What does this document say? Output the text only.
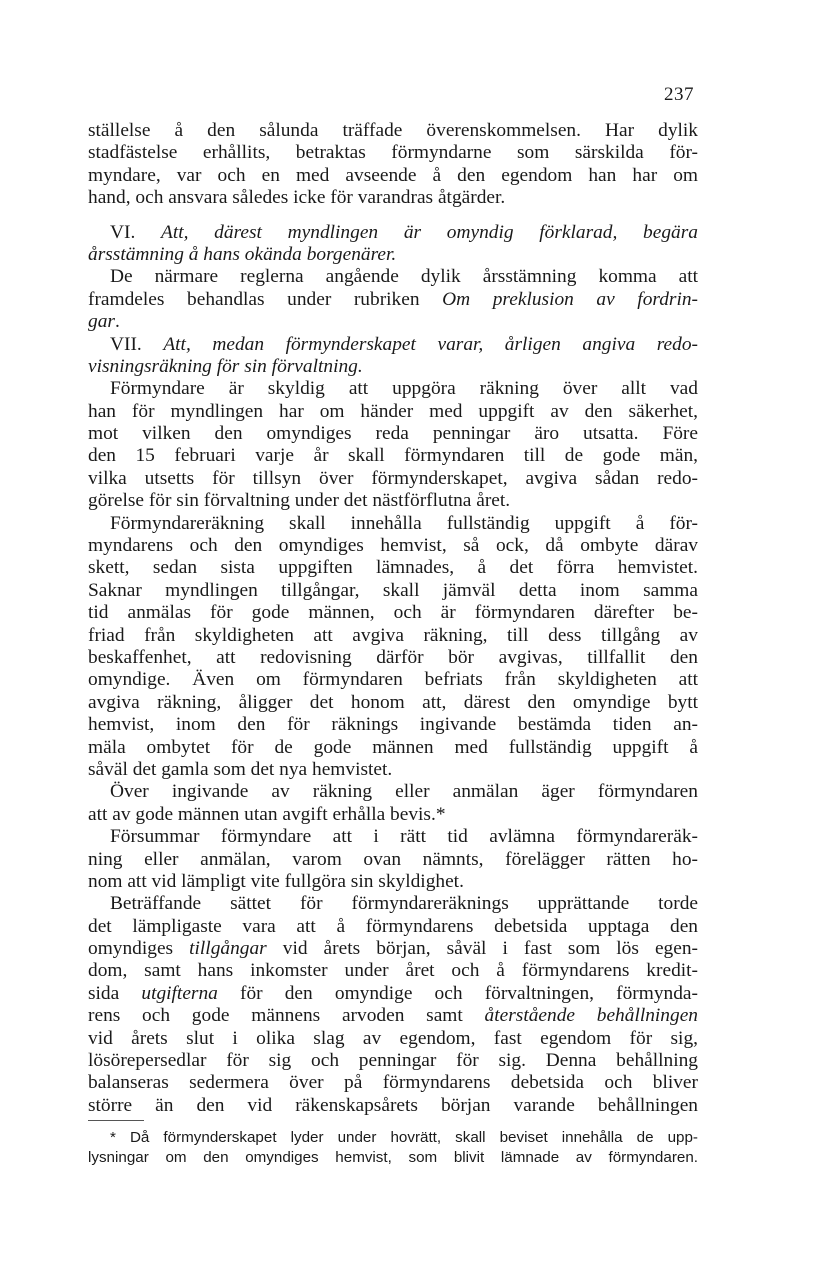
237
ställelse å den sålunda träffade överenskommelsen. Har dylik
stadfästelse erhållits, betraktas förmyndarne som särskilda för-
myndare, var och en med avseende å den egendom han har om
hand, och ansvara således icke för varandras åtgärder.
VI. Att, därest myndlingen är omyndig förklarad, begära
årsstämning å hans okända borgenärer.
De närmare reglerna angående dylik årsstämning komma att
framdeles behandlas under rubriken Om preklusion av fordrin-
gar.
VII. Att, medan förmynderskapet varar, årligen angiva redo-
visningsräkning för sin förvaltning.
Förmyndare är skyldig att uppgöra räkning över allt vad
han för myndlingen har om händer med uppgift av den säkerhet,
mot vilken den omyndiges reda penningar äro utsatta. Före
den 15 februari varje år skall förmyndaren till de gode män,
vilka utsetts för tillsyn över förmynderskapet, avgiva sådan redo-
görelse för sin förvaltning under det nästförflutna året.
Förmyndareräkning skall innehålla fullständig uppgift å för-
myndarens och den omyndiges hemvist, så ock, då ombyte därav
skett, sedan sista uppgiften lämnades, å det förra hemvistet.
Saknar myndlingen tillgångar, skall jämväl detta inom samma
tid anmälas för gode männen, och är förmyndaren därefter be-
friad från skyldigheten att avgiva räkning, till dess tillgång av
beskaffenhet, att redovisning därför bör avgivas, tillfallit den
omyndige. Även om förmyndaren befriats från skyldigheten att
avgiva räkning, åligger det honom att, därest den omyndige bytt
hemvist, inom den för räknings ingivande bestämda tiden an-
mäla ombytet för de gode männen med fullständig uppgift å
såväl det gamla som det nya hemvistet.
Över ingivande av räkning eller anmälan äger förmyndaren
att av gode männen utan avgift erhålla bevis.*
Försummar förmyndare att i rätt tid avlämna förmyndareräk-
ning eller anmälan, varom ovan nämnts, förelägger rätten ho-
nom att vid lämpligt vite fullgöra sin skyldighet.
Beträffande sättet för förmyndareräknings upprättande torde
det lämpligaste vara att å förmyndarens debetsida upptaga den
omyndiges tillgångar vid årets början, såväl i fast som lös egen-
dom, samt hans inkomster under året och å förmyndarens kredit-
sida utgifterna för den omyndige och förvaltningen, förmynda-
rens och gode männens arvoden samt återstående behållningen
vid årets slut i olika slag av egendom, fast egendom för sig,
lösörepersedlar för sig och penningar för sig. Denna behållning
balanseras sedermera över på förmyndarens debetsida och bliver
större än den vid räkenskapsårets början varande behållningen
* Då förmynderskapet lyder under hovrätt, skall beviset innehålla de upp-
lysningar om den omyndiges hemvist, som blivit lämnade av förmyndaren.
